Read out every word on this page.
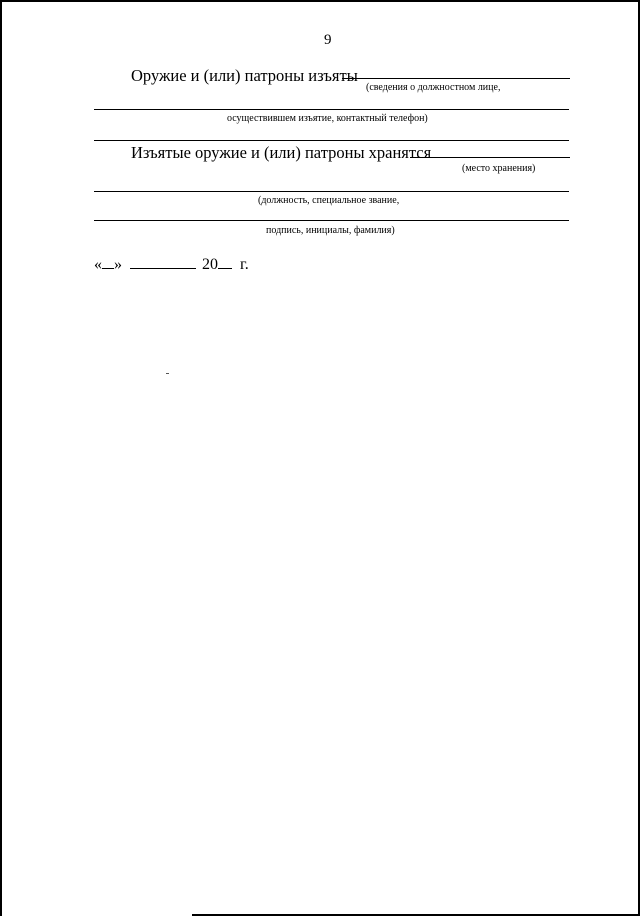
9
Оружие и (или) патроны изъяты
(сведения о должностном лице,
осуществившем изъятие, контактный телефон)
Изъятые оружие и (или) патроны хранятся
(место хранения)
(должность, специальное звание,
подпись, инициалы, фамилия)
« »	20 г.
